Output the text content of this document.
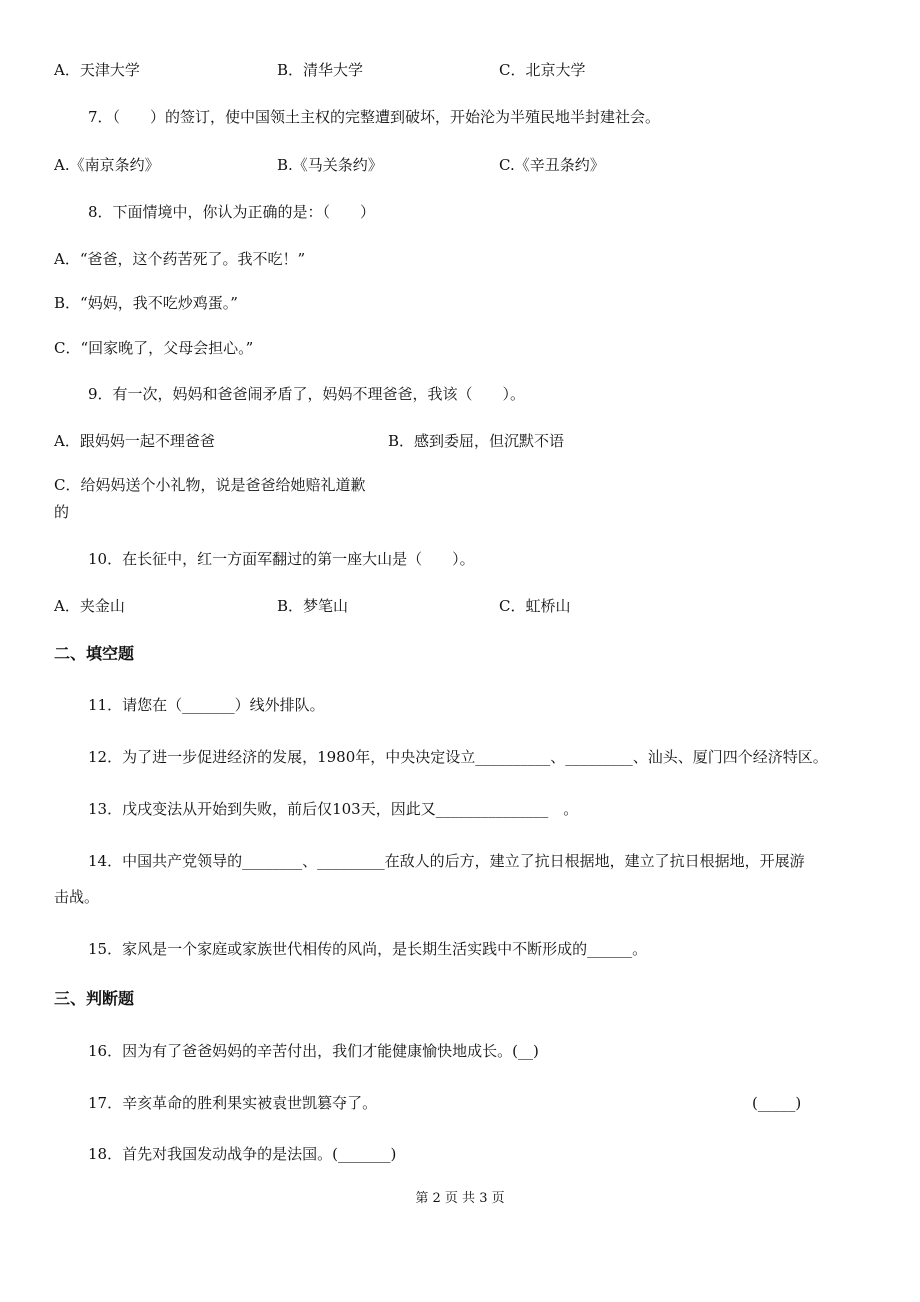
A．天津大学	B．清华大学	C．北京大学
7．（　　）的签订，使中国领土主权的完整遭到破坏，开始沦为半殖民地半封建社会。
A.《南京条约》	B.《马关条约》	C.《辛丑条约》
8．下面情境中，你认为正确的是：（　　）
A．“爸爸，这个药苦死了。我不吃！”
B．“妈妈，我不吃炒鸡蛋。”
C．“回家晚了，父母会担心。”
9．有一次，妈妈和爸爸闹矛盾了，妈妈不理爸爸，我该（　　）。
A．跟妈妈一起不理爸爸	B．感到委屈，但沉默不语
C．给妈妈送个小礼物，说是爸爸给她赔礼道歉
的
10．在长征中，红一方面军翻过的第一座大山是（　　）。
A．夹金山	B．梦笔山	C．虹桥山
二、填空题
11．请您在（_______）线外排队。
12．为了进一步促进经济的发展，1980年，中央决定设立__________、_________、汕头、厦门四个经济特区。
13．戊戌变法从开始到失败，前后仅103天，因此又_______________　。
14．中国共产党领导的________、_________在敌人的后方，建立了抗日根据地，建立了抗日根据地，开展游
击战。
15．家风是一个家庭或家族世代相传的风尚，是长期生活实践中不断形成的______。
三、判断题
16．因为有了爸爸妈妈的辛苦付出，我们才能健康愉快地成长。(__)
17．辛亥革命的胜利果实被袁世凯篡夺了。	(_____)
18．首先对我国发动战争的是法国。(_______)
第 2 页 共 3 页
